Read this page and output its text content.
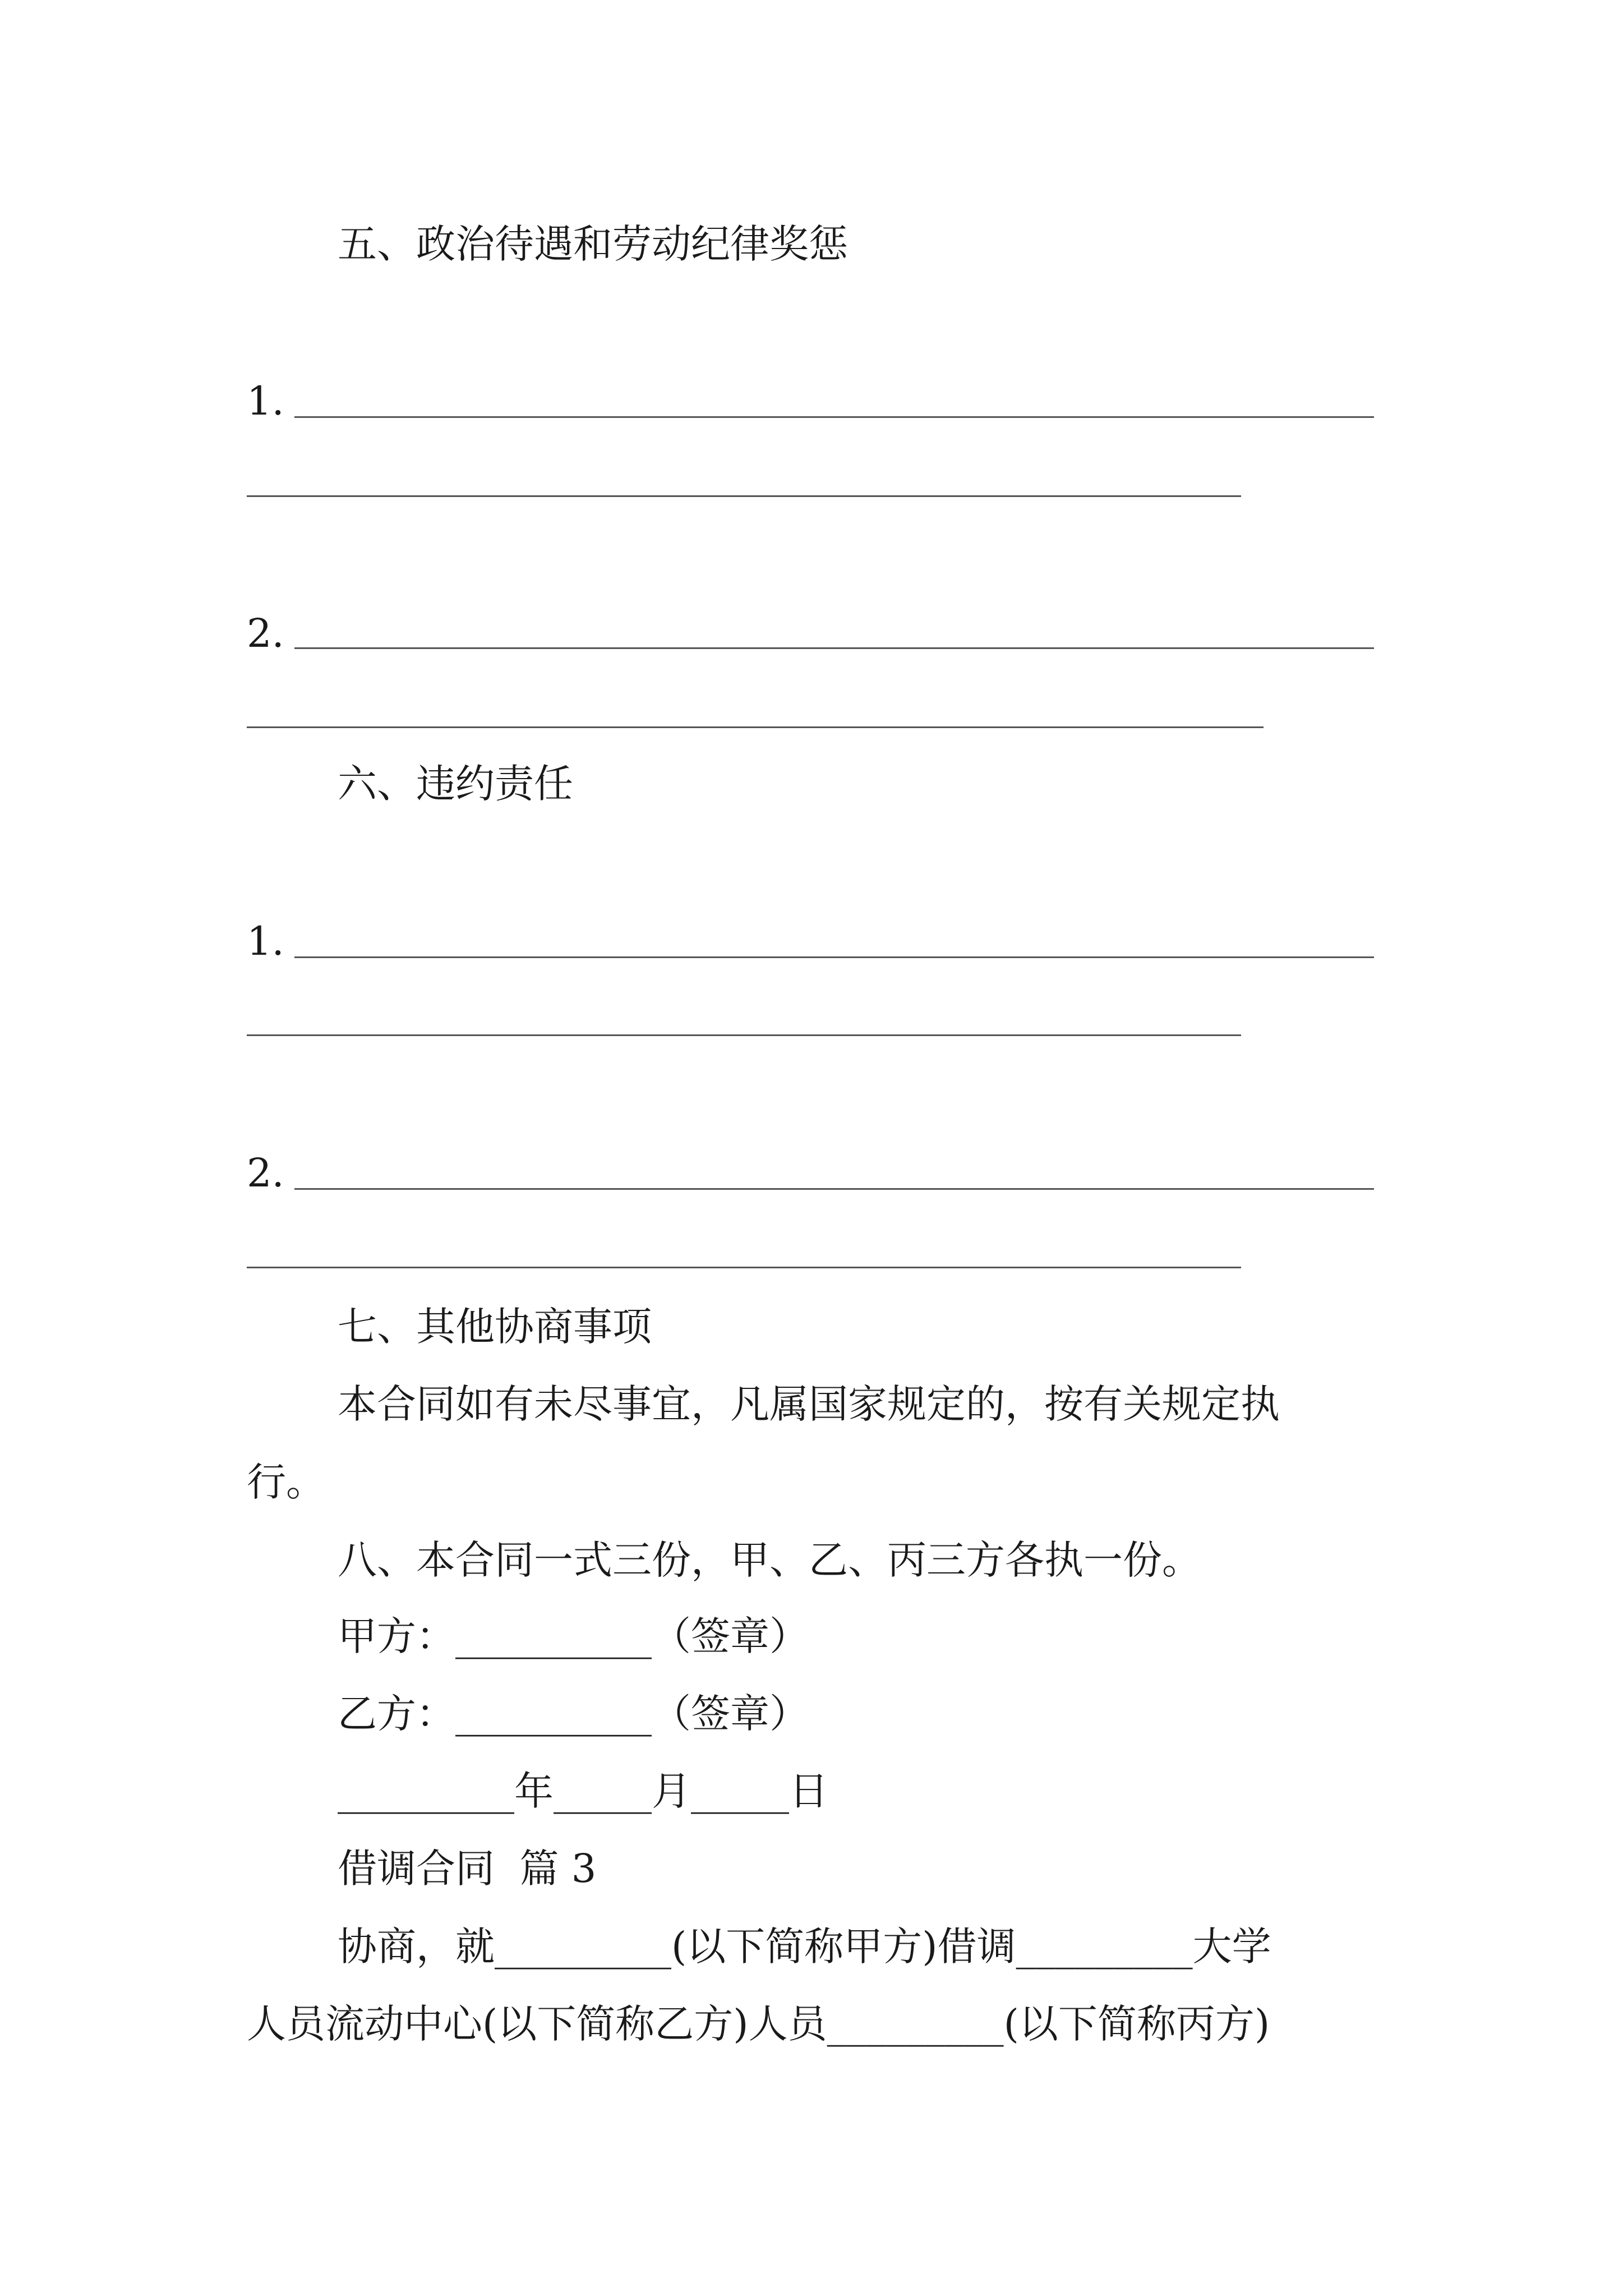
五、政治待遇和劳动纪律奖惩
1.
2.
六、违约责任
1.
2.
七、其他协商事项
本合同如有未尽事宜，凡属国家规定的，按有关规定执
行。
八、本合同一式三份，甲、乙、丙三方各执一份。
甲方：__________（签章）
乙方：__________（签章）
_________年_____月_____日
借调合同  篇 3
协商，就_________(以下简称甲方)借调_________大学
人员流动中心(以下简称乙方)人员_________(以下简称丙方)
